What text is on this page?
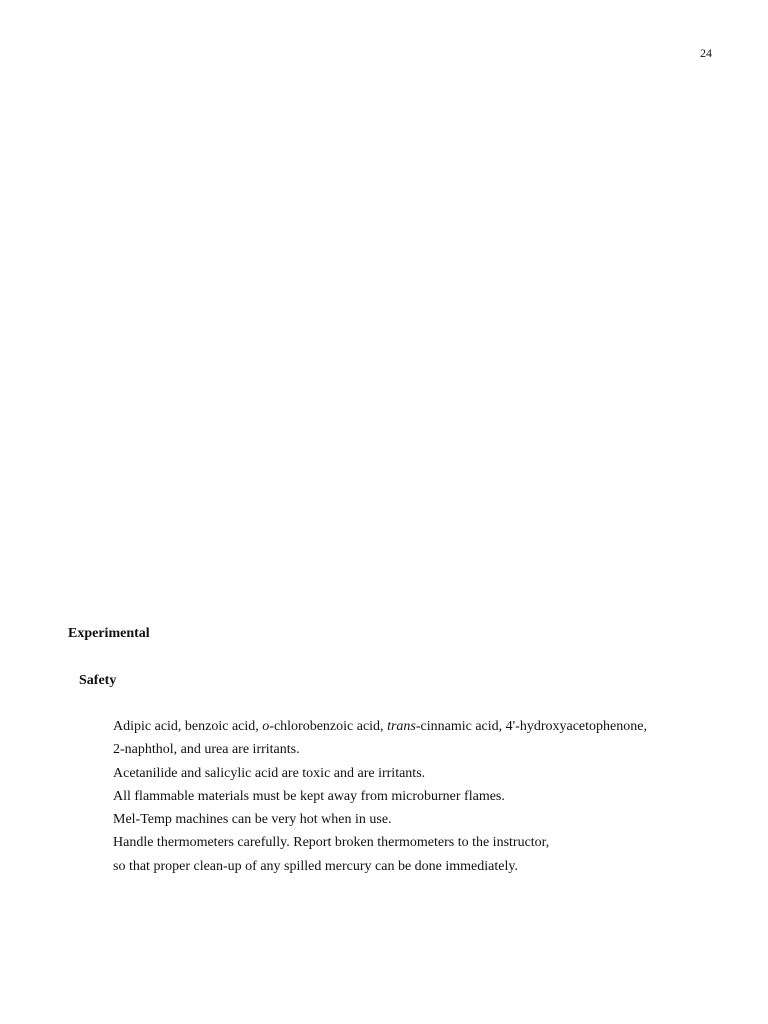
24
Experimental
Safety
Adipic acid, benzoic acid, o-chlorobenzoic acid, trans-cinnamic acid, 4'-hydroxyacetophenone,
2-naphthol, and urea are irritants.
Acetanilide and salicylic acid are toxic and are irritants.
All flammable materials must be kept away from microburner flames.
Mel-Temp machines can be very hot when in use.
Handle thermometers carefully. Report broken thermometers to the instructor,
so that proper clean-up of any spilled mercury can be done immediately.
